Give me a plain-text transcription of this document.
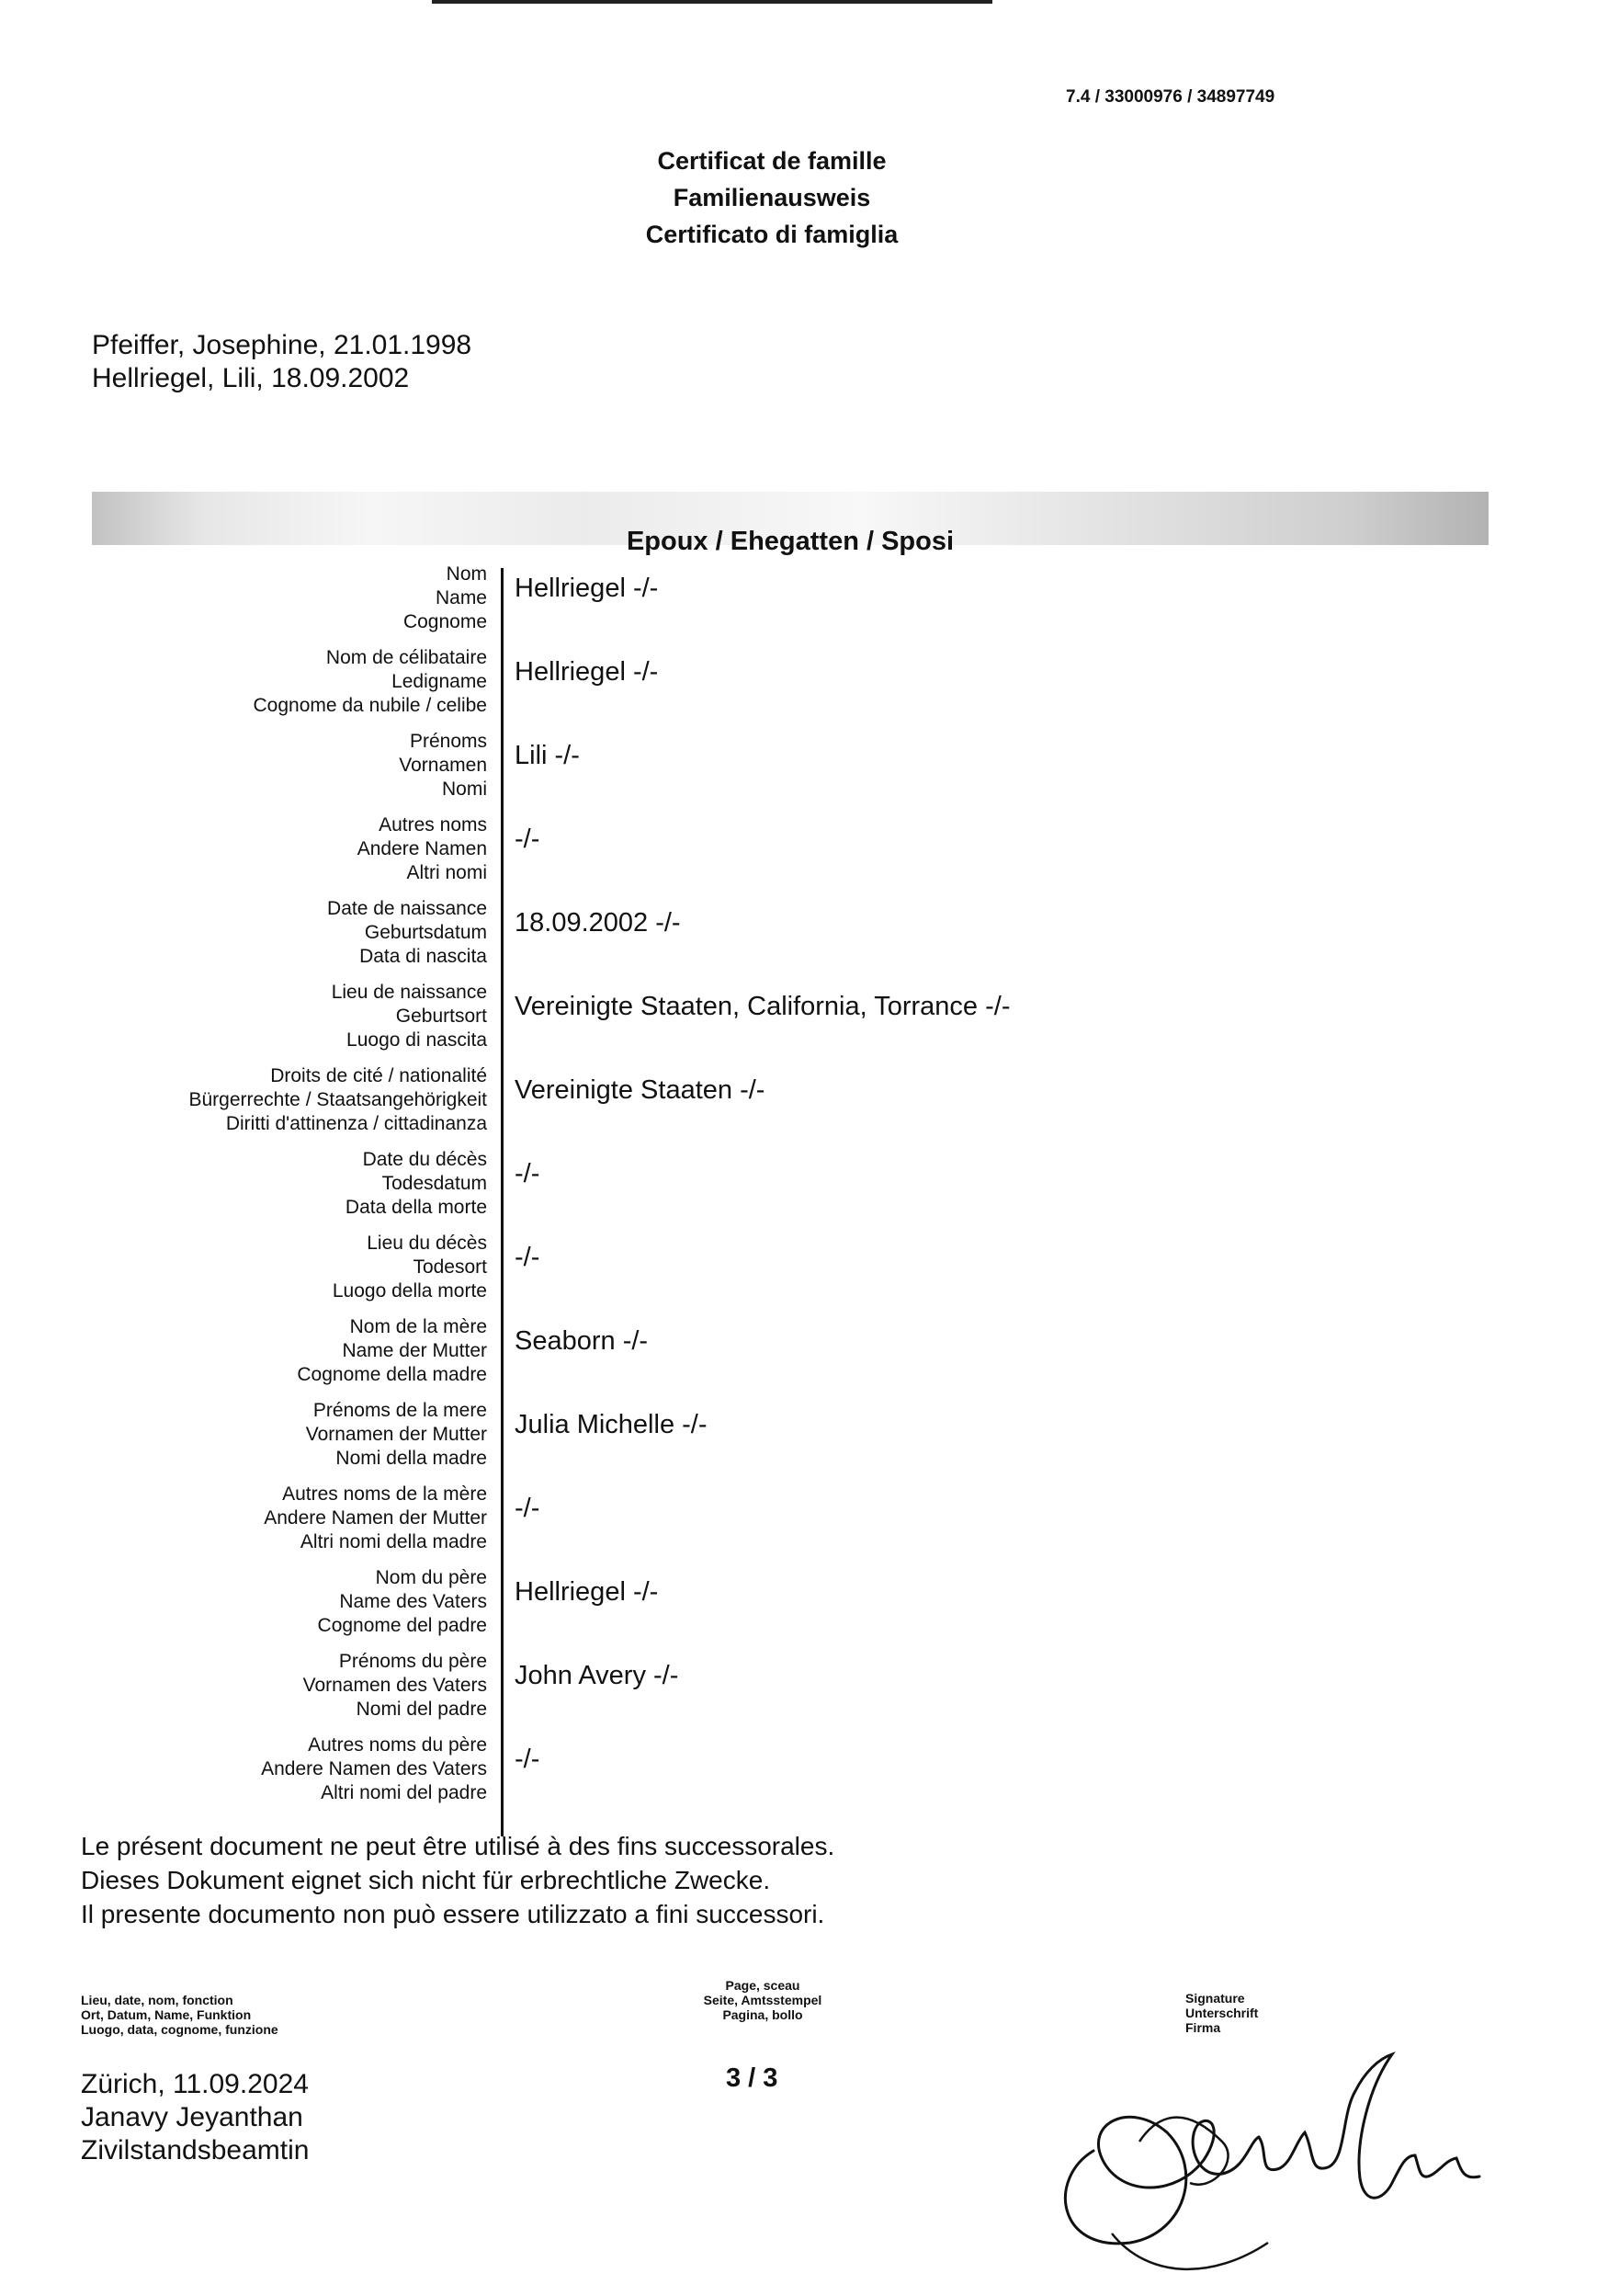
7.4 / 33000976 / 34897749
Certificat de famille
Familienausweis
Certificato di famiglia
Pfeiffer, Josephine, 21.01.1998
Hellriegel, Lili, 18.09.2002
Epoux / Ehegatten / Sposi
Nom
Name
Cognome
Hellriegel -/-
Nom de célibataire
Ledigname
Cognome da nubile / celibe
Hellriegel -/-
Prénoms
Vornamen
Nomi
Lili -/-
Autres noms
Andere Namen
Altri nomi
-/-
Date de naissance
Geburtsdatum
Data di nascita
18.09.2002 -/-
Lieu de naissance
Geburtsort
Luogo di nascita
Vereinigte Staaten, California, Torrance -/-
Droits de cité / nationalité
Bürgerrechte / Staatsangehörigkeit
Diritti d'attinenza / cittadinanza
Vereinigte Staaten -/-
Date du décès
Todesdatum
Data della morte
-/-
Lieu du décès
Todesort
Luogo della morte
-/-
Nom de la mère
Name der Mutter
Cognome della madre
Seaborn -/-
Prénoms de la mere
Vornamen der Mutter
Nomi della madre
Julia Michelle -/-
Autres noms de la mère
Andere Namen der Mutter
Altri nomi della madre
-/-
Nom du père
Name des Vaters
Cognome del padre
Hellriegel -/-
Prénoms du père
Vornamen des Vaters
Nomi del padre
John Avery -/-
Autres noms du père
Andere Namen des Vaters
Altri nomi del padre
-/-
Le présent document ne peut être utilisé à des fins successorales.
Dieses Dokument eignet sich nicht für erbrechtliche Zwecke.
Il presente documento non può essere utilizzato a fini successori.
Lieu, date, nom, fonction
Ort, Datum, Name, Funktion
Luogo, data, cognome, funzione
Page, sceau
Seite, Amtsstempel
Pagina, bollo
Signature
Unterschrift
Firma
Zürich, 11.09.2024
Janavy Jeyanthan
Zivilstandsbeamtin
3 / 3
